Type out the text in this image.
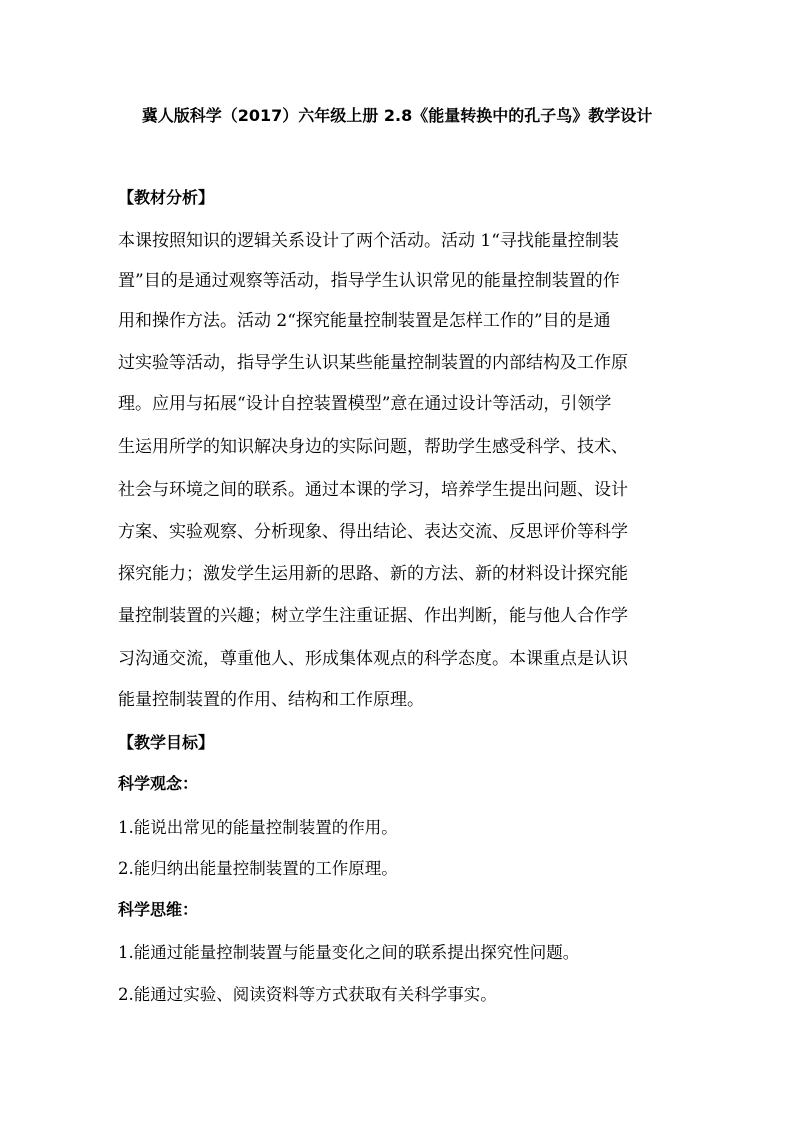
冀人版科学（2017）六年级上册 2.8《能量转换中的孔子鸟》教学设计
【教材分析】
本课按照知识的逻辑关系设计了两个活动。活动 1“寻找能量控制装
置”目的是通过观察等活动，指导学生认识常见的能量控制装置的作
用和操作方法。活动 2“探究能量控制装置是怎样工作的”目的是通
过实验等活动，指导学生认识某些能量控制装置的内部结构及工作原
理。应用与拓展“设计自控装置模型”意在通过设计等活动，引领学
生运用所学的知识解决身边的实际问题，帮助学生感受科学、技术、
社会与环境之间的联系。通过本课的学习，培养学生提出问题、设计
方案、实验观察、分析现象、得出结论、表达交流、反思评价等科学
探究能力；激发学生运用新的思路、新的方法、新的材料设计探究能
量控制装置的兴趣；树立学生注重证据、作出判断，能与他人合作学
习沟通交流，尊重他人、形成集体观点的科学态度。本课重点是认识
能量控制装置的作用、结构和工作原理。
【教学目标】
科学观念：
1.能说出常见的能量控制装置的作用。
2.能归纳出能量控制装置的工作原理。
科学思维：
1.能通过能量控制装置与能量变化之间的联系提出探究性问题。
2.能通过实验、阅读资料等方式获取有关科学事实。
